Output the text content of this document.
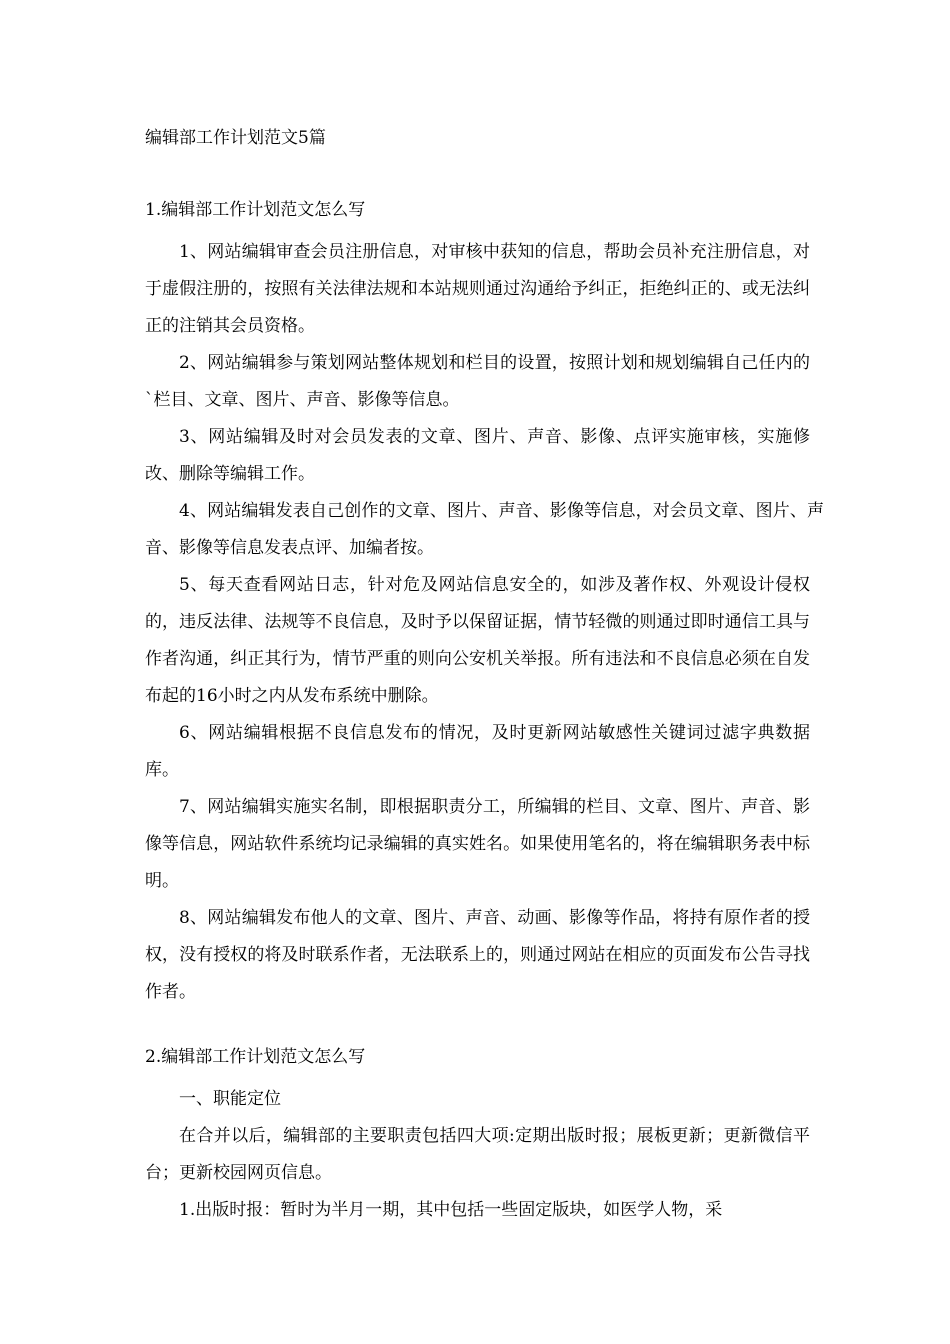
编辑部工作计划范文5篇
1.编辑部工作计划范文怎么写

1、网站编辑审查会员注册信息，对审核中获知的信息，帮助会员补充注册信息，对于虚假注册的，按照有关法律法规和本站规则通过沟通给予纠正，拒绝纠正的、或无法纠正的注销其会员资格。

2、网站编辑参与策划网站整体规划和栏目的设置，按照计划和规划编辑自己任内的`栏目、文章、图片、声音、影像等信息。

3、网站编辑及时对会员发表的文章、图片、声音、影像、点评实施审核，实施修改、删除等编辑工作。

4、网站编辑发表自己创作的文章、图片、声音、影像等信息，对会员文章、图片、声音、影像等信息发表点评、加编者按。

5、每天查看网站日志，针对危及网站信息安全的，如涉及著作权、外观设计侵权的，违反法律、法规等不良信息，及时予以保留证据，情节轻微的则通过即时通信工具与作者沟通，纠正其行为，情节严重的则向公安机关举报。所有违法和不良信息必须在自发布起的16小时之内从发布系统中删除。

6、网站编辑根据不良信息发布的情况，及时更新网站敏感性关键词过滤字典数据库。

7、网站编辑实施实名制，即根据职责分工，所编辑的栏目、文章、图片、声音、影像等信息，网站软件系统均记录编辑的真实姓名。如果使用笔名的，将在编辑职务表中标明。

8、网站编辑发布他人的文章、图片、声音、动画、影像等作品，将持有原作者的授权，没有授权的将及时联系作者，无法联系上的，则通过网站在相应的页面发布公告寻找作者。

2.编辑部工作计划范文怎么写

一、职能定位

在合并以后，编辑部的主要职责包括四大项:定期出版时报；展板更新；更新微信平台；更新校园网页信息。

1.出版时报：暂时为半月一期，其中包括一些固定版块，如医学人物，采
